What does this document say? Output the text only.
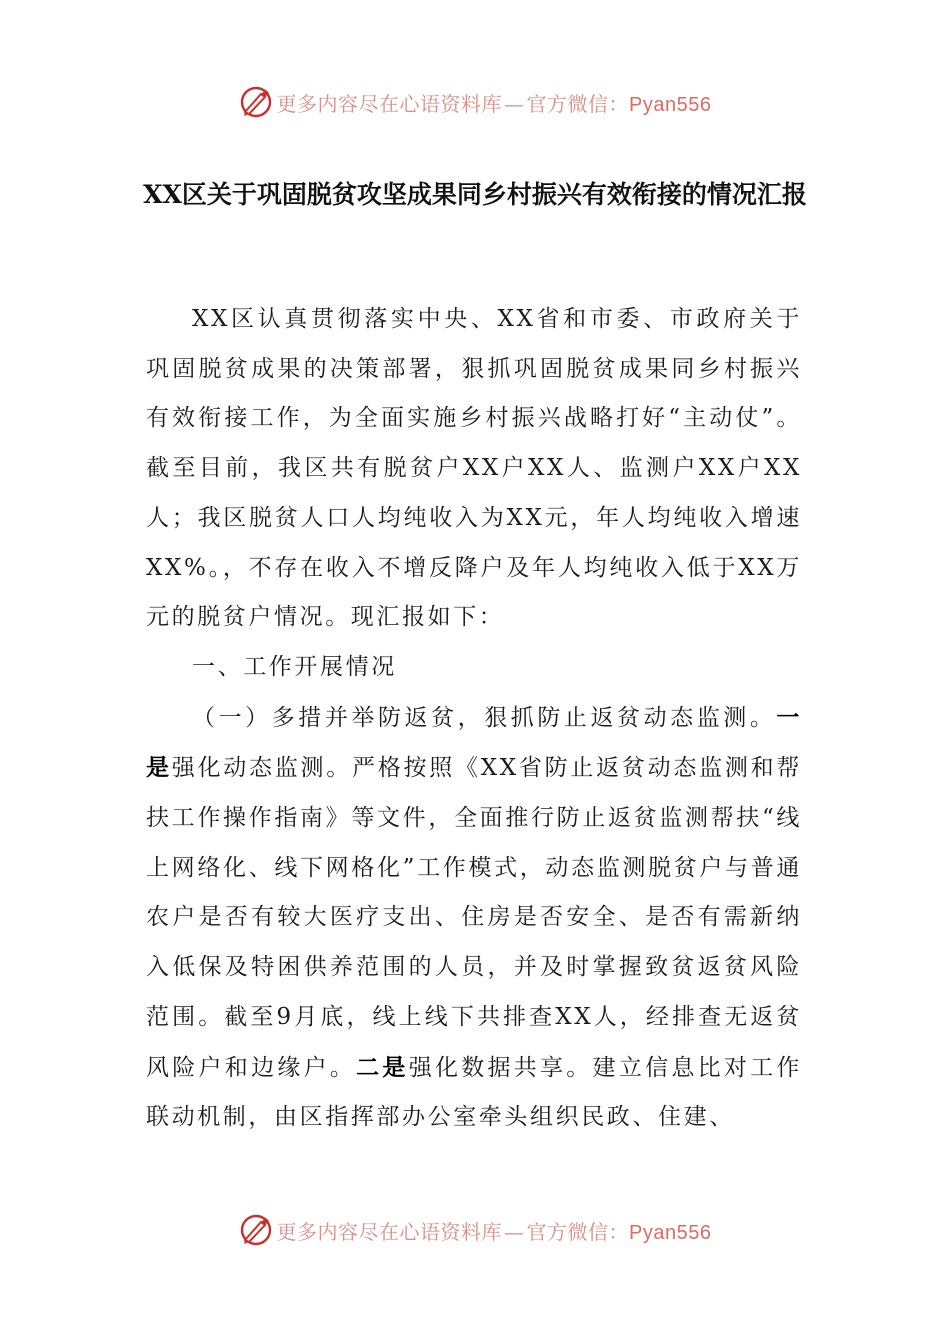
更多内容尽在心语资料库 — 官方微信：Pyan556
XX区关于巩固脱贫攻坚成果同乡村振兴有效衔接的情况汇报

XX区认真贯彻落实中央、XX省和市委、市政府关于巩固脱贫成果的决策部署，狠抓巩固脱贫成果同乡村振兴有效衔接工作，为全面实施乡村振兴战略打好“主动仗”。截至目前，我区共有脱贫户XX户XX人、监测户XX户XX人；我区脱贫人口人均纯收入为XX元，年人均纯收入增速XX%。，不存在收入不增反降户及年人均纯收入低于XX万元的脱贫户情况。现汇报如下：

一、工作开展情况

（一）多措并举防返贫，狠抓防止返贫动态监测。一是强化动态监测。严格按照《XX省防止返贫动态监测和帮扶工作操作指南》等文件，全面推行防止返贫监测帮扶“线上网络化、线下网格化”工作模式，动态监测脱贫户与普通农户是否有较大医疗支出、住房是否安全、是否有需新纳入低保及特困供养范围的人员，并及时掌握致贫返贫风险范围。截至9月底，线上线下共排查XX人，经排查无返贫风险户和边缘户。二是强化数据共享。建立信息比对工作联动机制，由区指挥部办公室牵头组织民政、住建、

更多内容尽在心语资料库 — 官方微信：Pyan556
